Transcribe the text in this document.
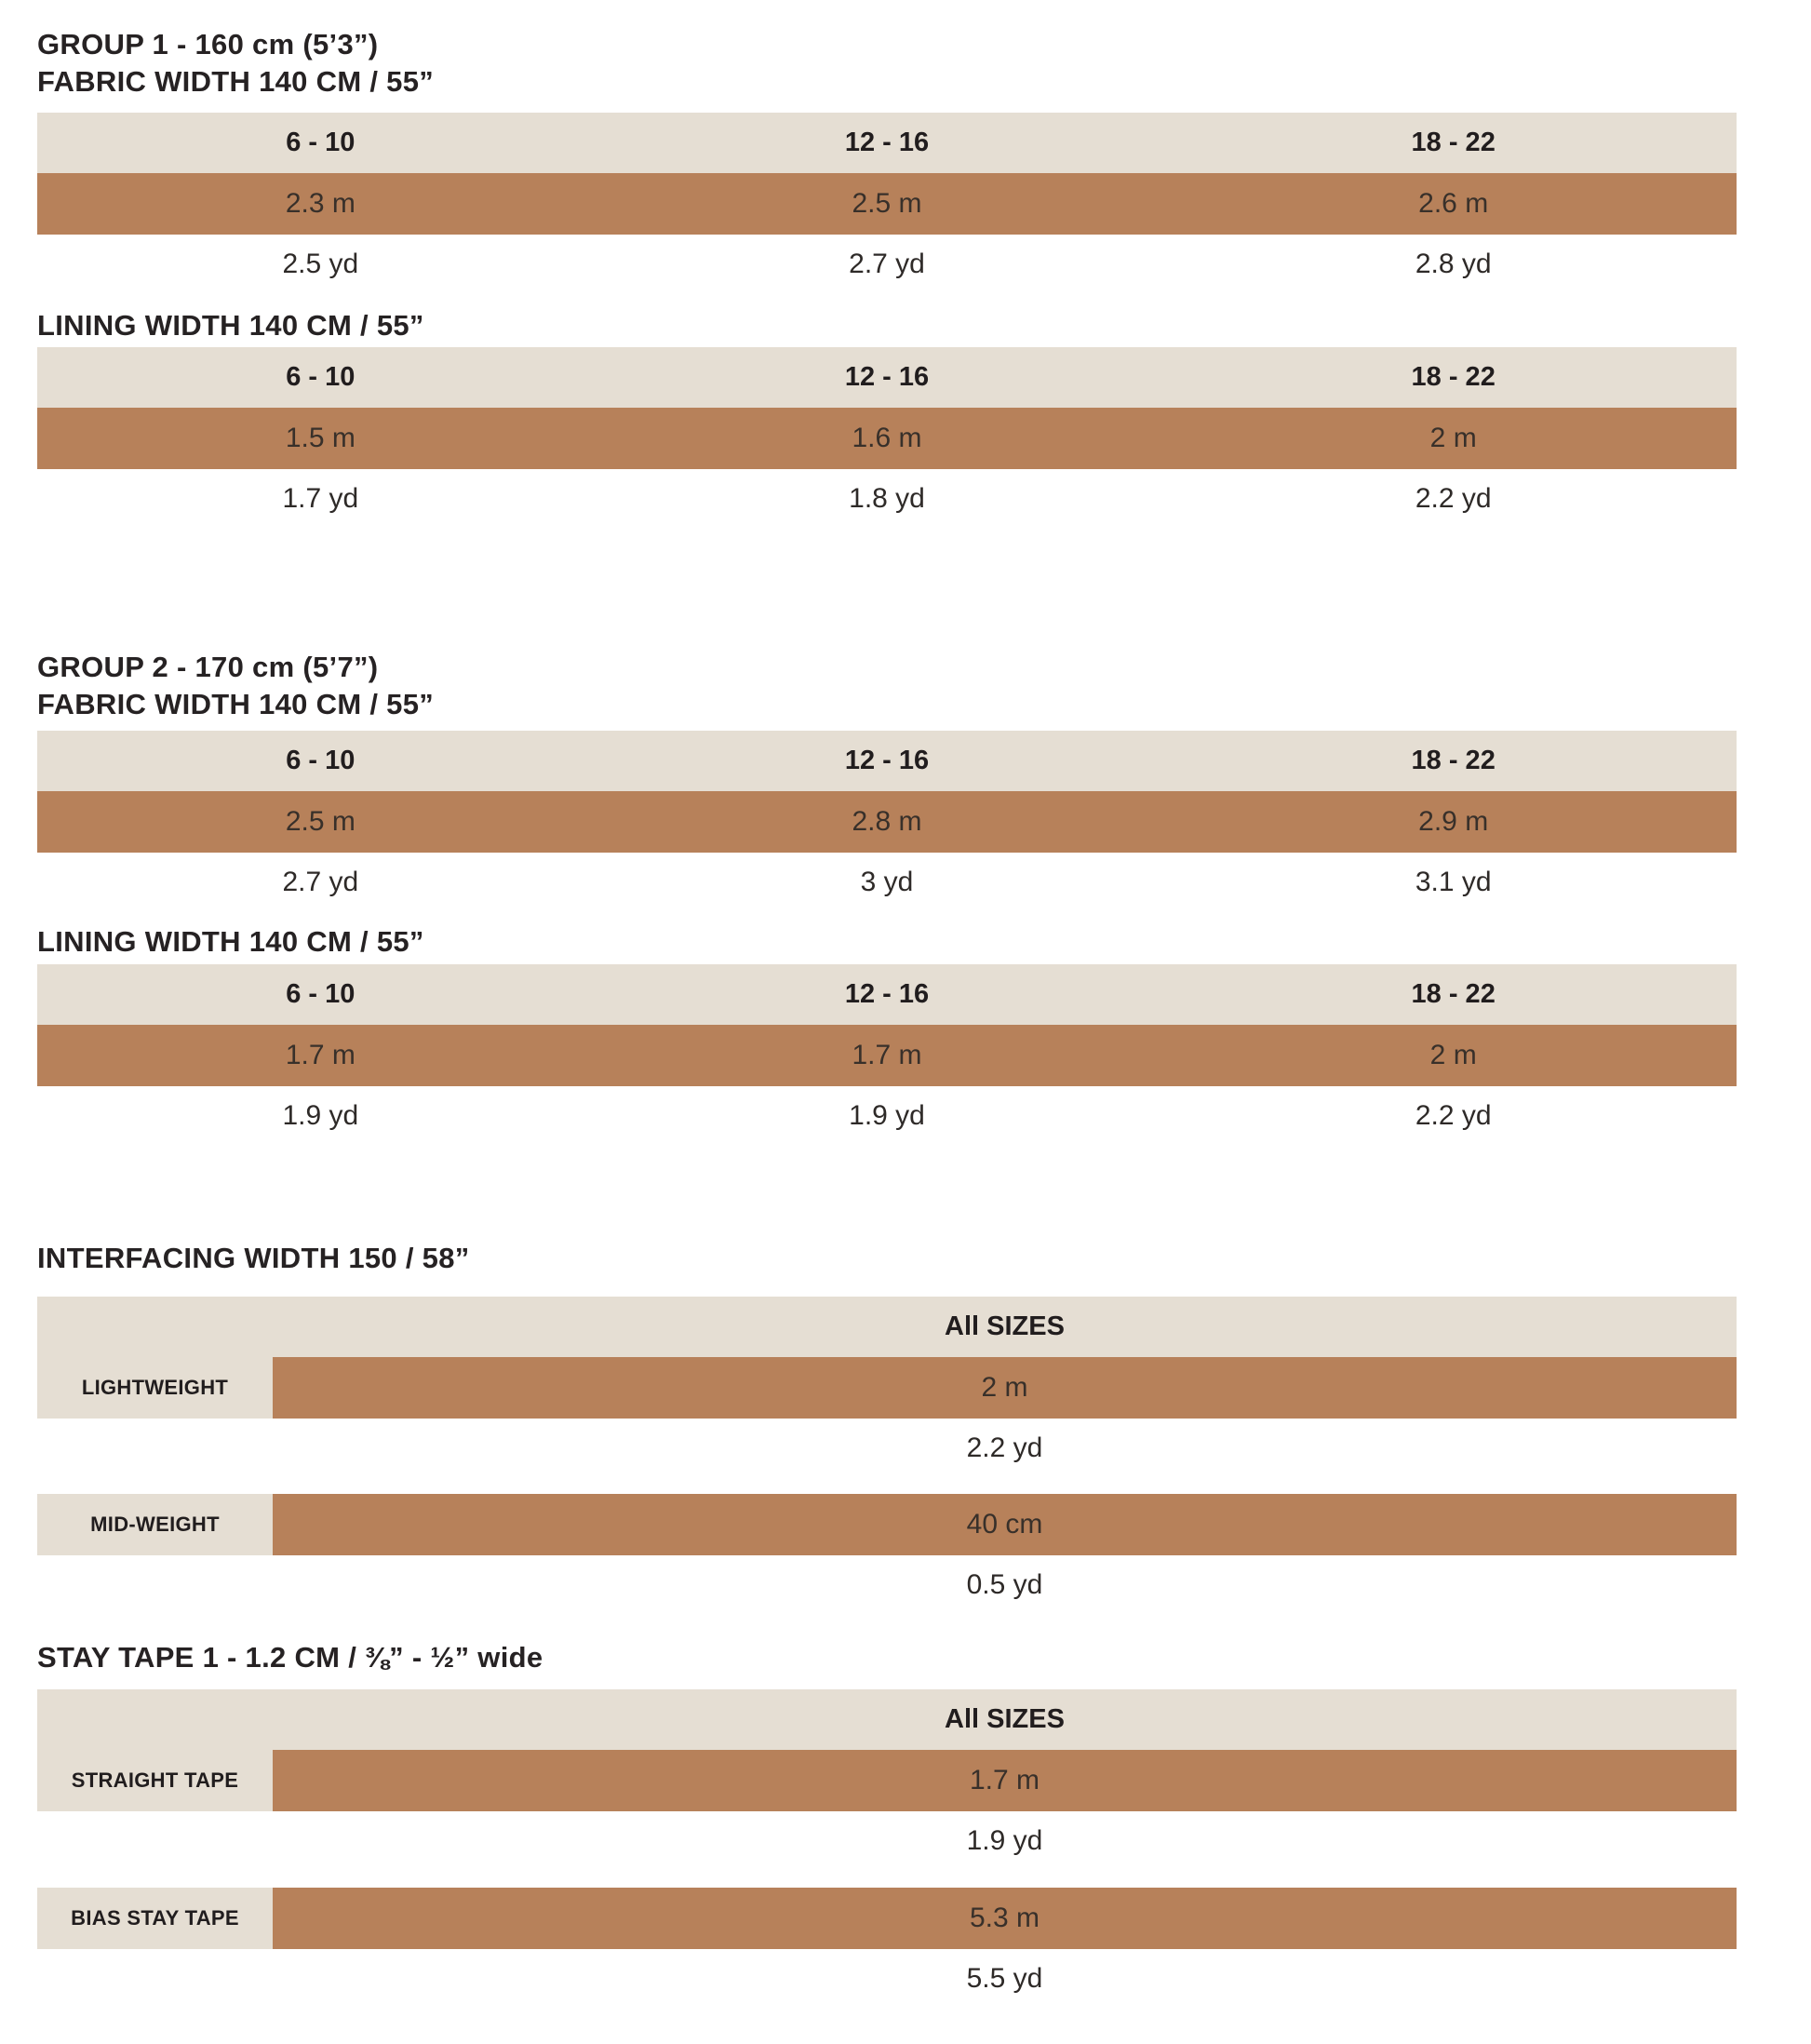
GROUP 1 - 160 cm (5’3”)
FABRIC WIDTH 140 CM / 55”
6 - 10	12 - 16	18 - 22
2.3 m	2.5 m	2.6 m
2.5 yd	2.7 yd	2.8 yd
LINING WIDTH 140 CM / 55”
6 - 10	12 - 16	18 - 22
1.5 m	1.6 m	2 m
1.7 yd	1.8 yd	2.2 yd
GROUP 2 - 170 cm (5’7”)
FABRIC WIDTH 140 CM / 55”
6 - 10	12 - 16	18 - 22
2.5 m	2.8 m	2.9 m
2.7 yd	3 yd	3.1 yd
LINING WIDTH 140 CM / 55”
6 - 10	12 - 16	18 - 22
1.7 m	1.7 m	2 m
1.9 yd	1.9 yd	2.2 yd
INTERFACING WIDTH 150 / 58”
All SIZES
LIGHTWEIGHT	2 m
2.2 yd
MID-WEIGHT	40 cm
0.5 yd
STAY TAPE 1 - 1.2 CM / ⅜” - ½” wide
All SIZES
STRAIGHT TAPE	1.7 m
1.9 yd
BIAS STAY TAPE	5.3 m
5.5 yd
